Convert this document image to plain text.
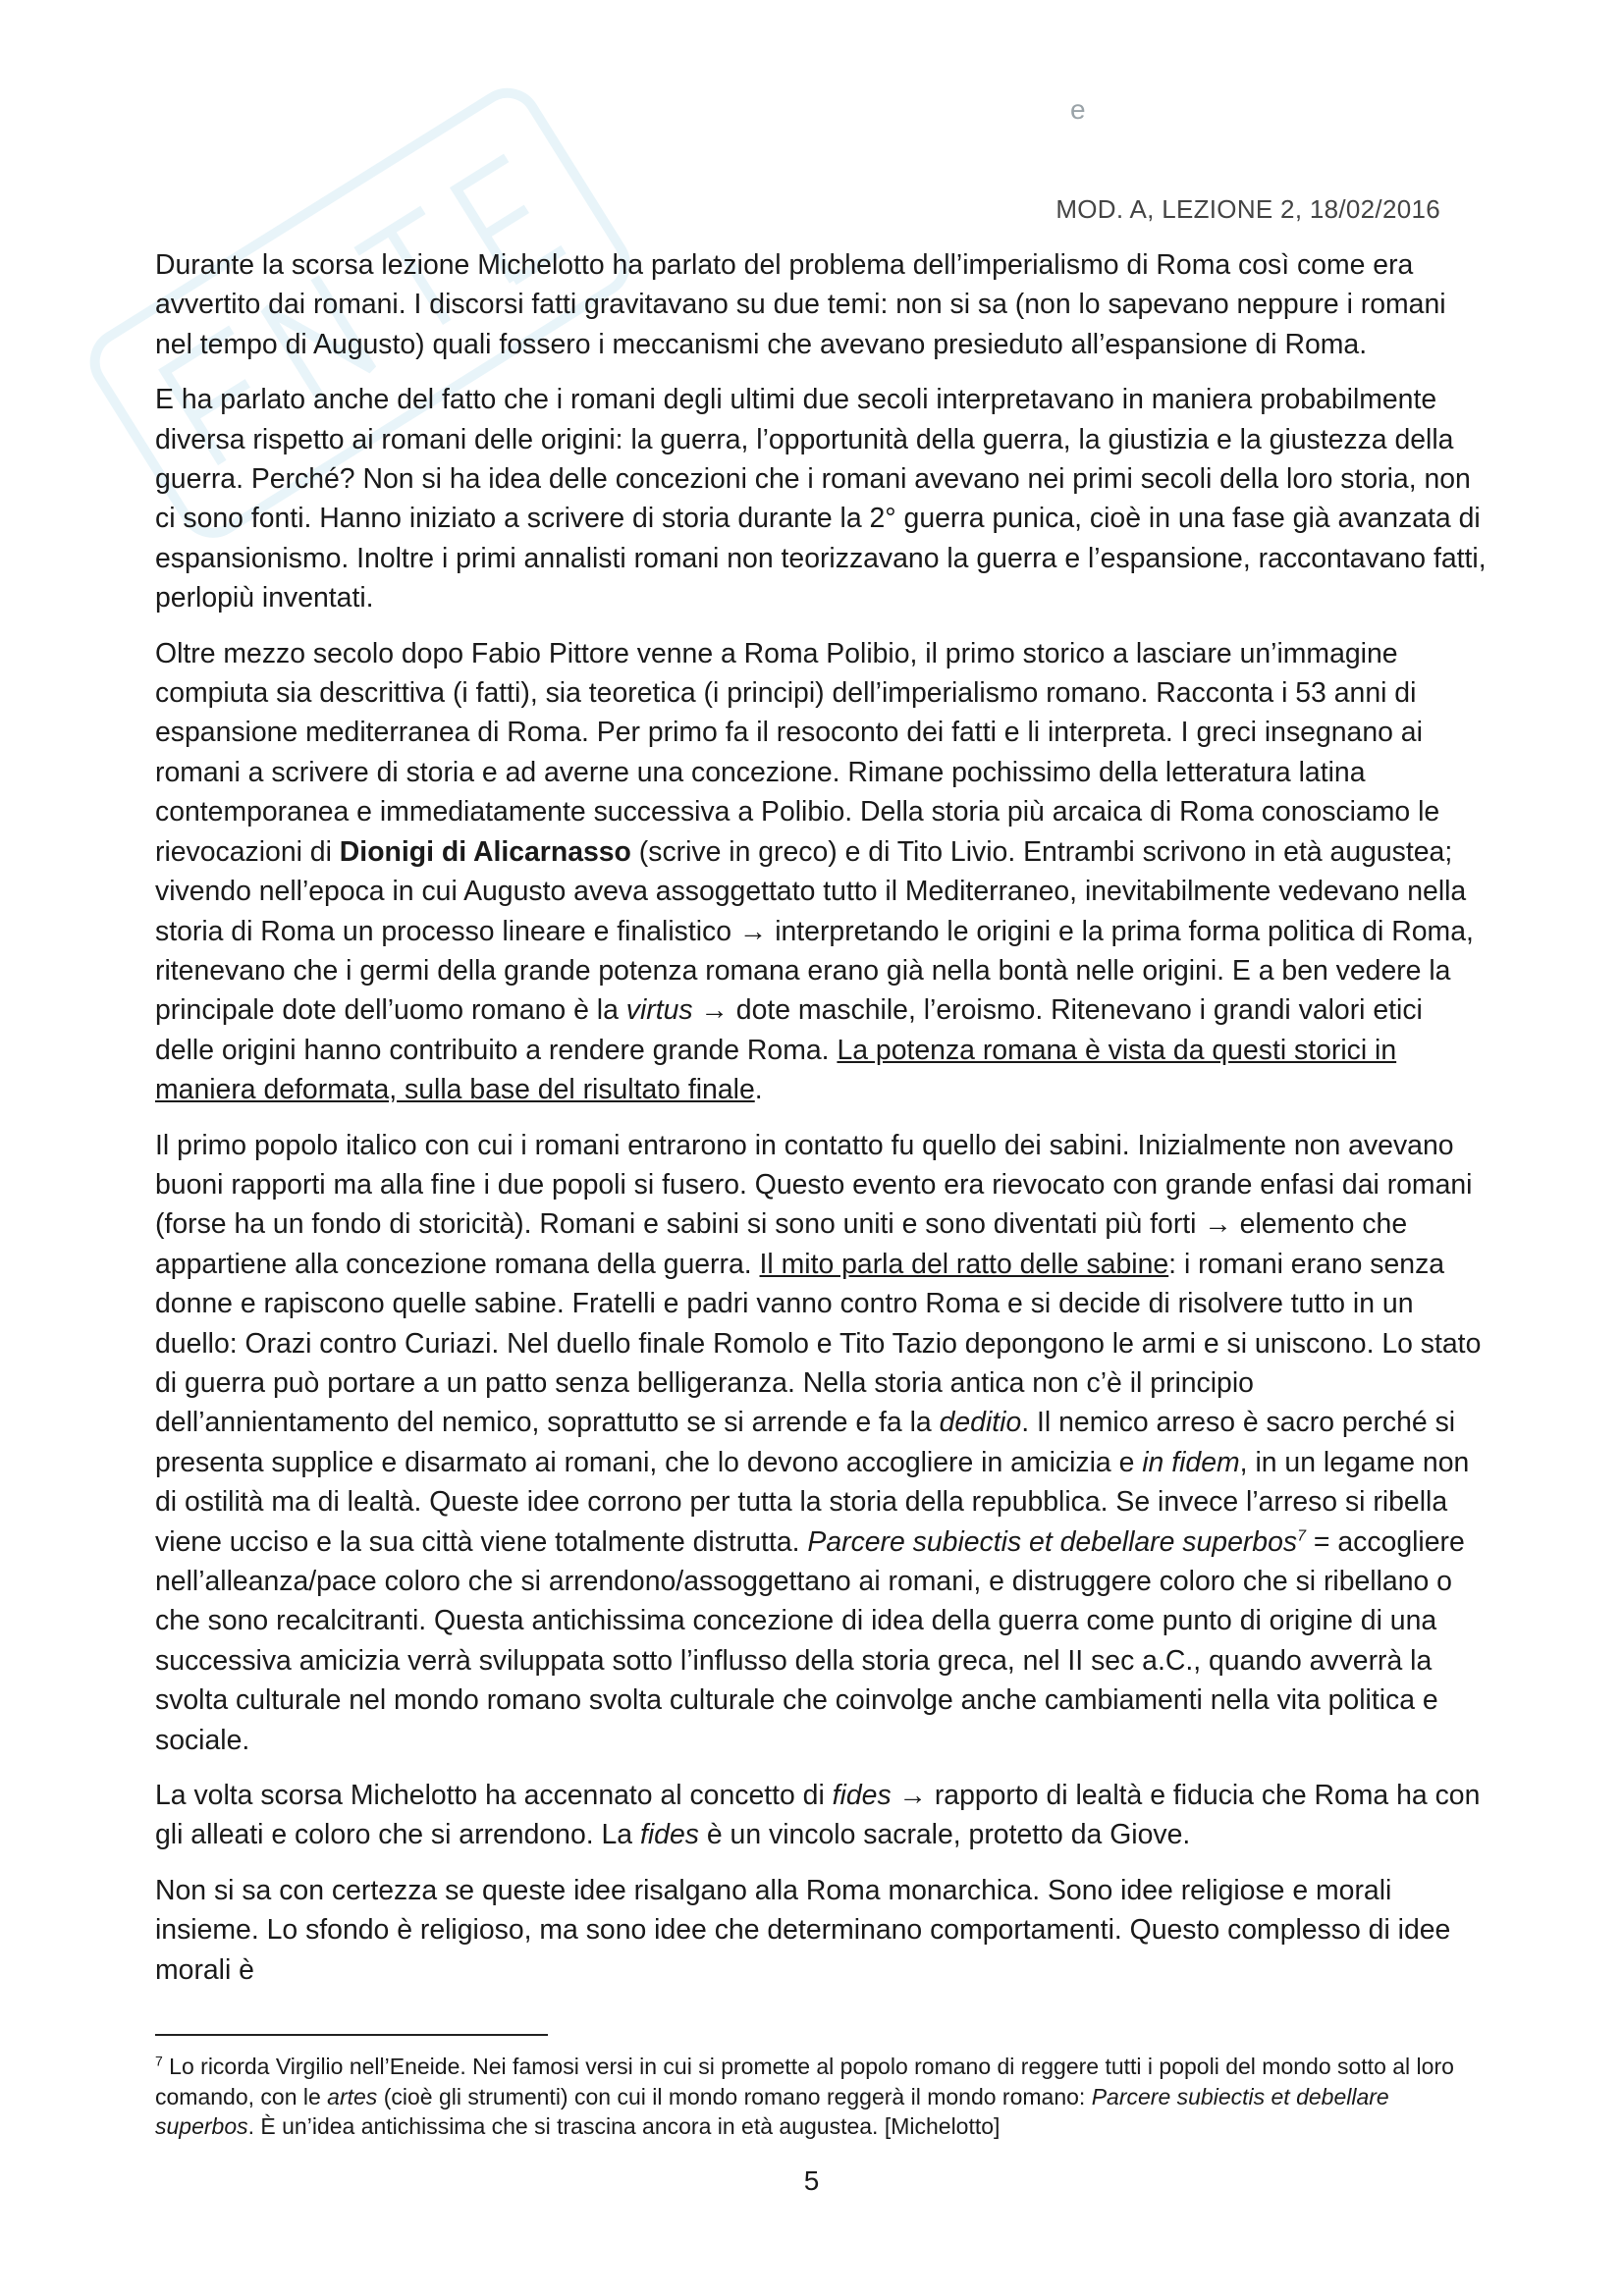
e
MOD. A, LEZIONE 2, 18/02/2016

Durante la scorsa lezione Michelotto ha parlato del problema dell’imperialismo di Roma così come era avvertito dai romani. I discorsi fatti gravitavano su due temi: non si sa (non lo sapevano neppure i romani nel tempo di Augusto) quali fossero i meccanismi che avevano presieduto all’espansione di Roma.

E ha parlato anche del fatto che i romani degli ultimi due secoli interpretavano in maniera probabilmente diversa rispetto ai romani delle origini: la guerra, l’opportunità della guerra, la giustizia e la giustezza della guerra. Perché? Non si ha idea delle concezioni che i romani avevano nei primi secoli della loro storia, non ci sono fonti. Hanno iniziato a scrivere di storia durante la 2° guerra punica, cioè in una fase già avanzata di espansionismo. Inoltre i primi annalisti romani non teorizzavano la guerra e l’espansione, raccontavano fatti, perlopiù inventati.

Oltre mezzo secolo dopo Fabio Pittore venne a Roma Polibio, il primo storico a lasciare un’immagine compiuta sia descrittiva (i fatti), sia teoretica (i principi) dell’imperialismo romano. Racconta i 53 anni di espansione mediterranea di Roma. Per primo fa il resoconto dei fatti e li interpreta. I greci insegnano ai romani a scrivere di storia e ad averne una concezione. Rimane pochissimo della letteratura latina contemporanea e immediatamente successiva a Polibio. Della storia più arcaica di Roma conosciamo le rievocazioni di Dionigi di Alicarnasso (scrive in greco) e di Tito Livio. Entrambi scrivono in età augustea; vivendo nell’epoca in cui Augusto aveva assoggettato tutto il Mediterraneo, inevitabilmente vedevano nella storia di Roma un processo lineare e finalistico → interpretando le origini e la prima forma politica di Roma, ritenevano che i germi della grande potenza romana erano già nella bontà nelle origini. E a ben vedere la principale dote dell’uomo romano è la virtus → dote maschile, l’eroismo. Ritenevano i grandi valori etici delle origini hanno contribuito a rendere grande Roma. La potenza romana è vista da questi storici in maniera deformata, sulla base del risultato finale.

Il primo popolo italico con cui i romani entrarono in contatto fu quello dei sabini. Inizialmente non avevano buoni rapporti ma alla fine i due popoli si fusero. Questo evento era rievocato con grande enfasi dai romani (forse ha un fondo di storicità). Romani e sabini si sono uniti e sono diventati più forti → elemento che appartiene alla concezione romana della guerra. Il mito parla del ratto delle sabine: i romani erano senza donne e rapiscono quelle sabine. Fratelli e padri vanno contro Roma e si decide di risolvere tutto in un duello: Orazi contro Curiazi. Nel duello finale Romolo e Tito Tazio depongono le armi e si uniscono. Lo stato di guerra può portare a un patto senza belligeranza. Nella storia antica non c’è il principio dell’annientamento del nemico, soprattutto se si arrende e fa la deditio. Il nemico arreso è sacro perché si presenta supplice e disarmato ai romani, che lo devono accogliere in amicizia e in fidem, in un legame non di ostilità ma di lealtà. Queste idee corrono per tutta la storia della repubblica. Se invece l’arreso si ribella viene ucciso e la sua città viene totalmente distrutta. Parcere subiectis et debellare superbos$^7$ = accogliere nell’alleanza/pace coloro che si arrendono/assoggettano ai romani, e distruggere coloro che si ribellano o che sono recalcitranti. Questa antichissima concezione di idea della guerra come punto di origine di una successiva amicizia verrà sviluppata sotto l’influsso della storia greca, nel II sec a.C., quando avverrà la svolta culturale nel mondo romano svolta culturale che coinvolge anche cambiamenti nella vita politica e sociale.

La volta scorsa Michelotto ha accennato al concetto di fides → rapporto di lealtà e fiducia che Roma ha con gli alleati e coloro che si arrendono. La fides è un vincolo sacrale, protetto da Giove.

Non si sa con certezza se queste idee risalgano alla Roma monarchica. Sono idee religiose e morali insieme. Lo sfondo è religioso, ma sono idee che determinano comportamenti. Questo complesso di idee morali è

$^7$ Lo ricorda Virgilio nell’Eneide. Nei famosi versi in cui si promette al popolo romano di reggere tutti i popoli del mondo sotto al loro comando, con le artes (cioè gli strumenti) con cui il mondo romano reggerà il mondo romano: Parcere subiectis et debellare superbos. È un’idea antichissima che si trascina ancora in età augustea. [Michelotto]
5
